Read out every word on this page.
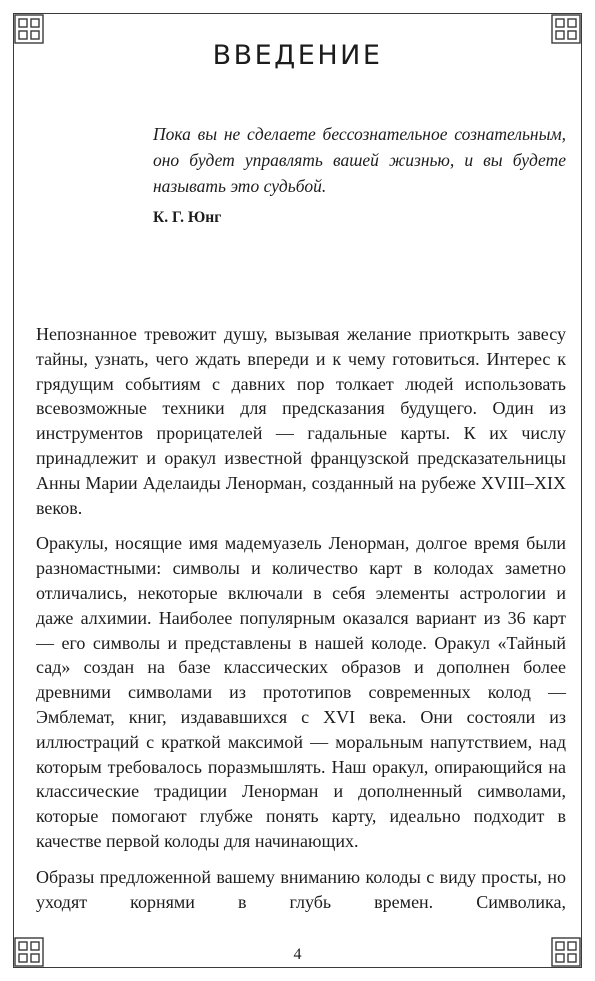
ВВЕДЕНИЕ

Пока вы не сделаете бессознательное сознательным, оно будет управлять вашей жизнью, и вы будете называть это судьбой.

К. Г. Юнг

Непознанное тревожит душу, вызывая желание приоткрыть завесу тайны, узнать, чего ждать впереди и к чему готовиться. Интерес к грядущим событиям с давних пор толкает людей использовать всевозможные техники для предсказания будущего. Один из инструментов прорицателей — гадальные карты. К их числу принадлежит и оракул известной французской предсказательницы Анны Марии Аделаиды Ленорман, созданный на рубеже XVIII–XIX веков.

Оракулы, носящие имя мадемуазель Ленорман, долгое время были разномастными: символы и количество карт в колодах заметно отличались, некоторые включали в себя элементы астрологии и даже алхимии. Наиболее популярным оказался вариант из 36 карт — его символы и представлены в нашей колоде. Оракул «Тайный сад» создан на базе классических образов и дополнен более древними символами из прототипов современных колод — Эмблемат, книг, издававшихся с XVI века. Они состояли из иллюстраций с краткой максимой — моральным напутствием, над которым требовалось поразмышлять. Наш оракул, опирающийся на классические традиции Ленорман и дополненный символами, которые помогают глубже понять карту, идеально подходит в качестве первой колоды для начинающих.

Образы предложенной вашему вниманию колоды с виду просты, но уходят корнями в глубь времен. Символика,

4
